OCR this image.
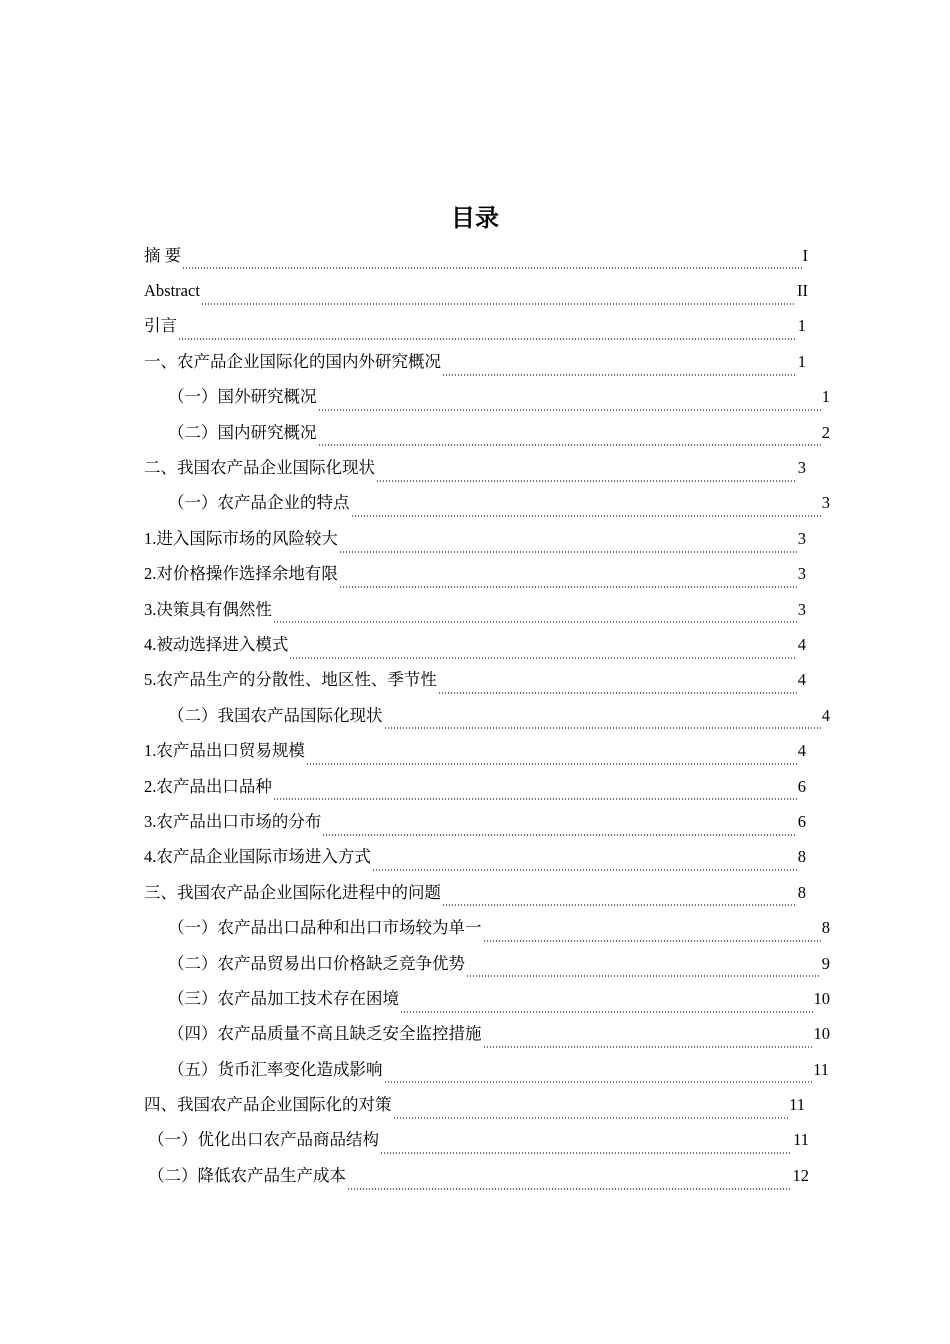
目录
摘 要	I
Abstract	II
引言	1
一、农产品企业国际化的国内外研究概况	1
（一）国外研究概况	1
（二）国内研究概况	2
二、我国农产品企业国际化现状	3
（一）农产品企业的特点	3
1.进入国际市场的风险较大	3
2.对价格操作选择余地有限	3
3.决策具有偶然性	3
4.被动选择进入模式	4
5.农产品生产的分散性、地区性、季节性	4
（二）我国农产品国际化现状	4
1.农产品出口贸易规模	4
2.农产品出口品种	6
3.农产品出口市场的分布	6
4.农产品企业国际市场进入方式	8
三、我国农产品企业国际化进程中的问题	8
（一）农产品出口品种和出口市场较为单一	8
（二）农产品贸易出口价格缺乏竞争优势	9
（三）农产品加工技术存在困境	10
（四）农产品质量不高且缺乏安全监控措施	10
（五）货币汇率变化造成影响	11
四、我国农产品企业国际化的对策	11
（一）优化出口农产品商品结构	11
（二）降低农产品生产成本	12
